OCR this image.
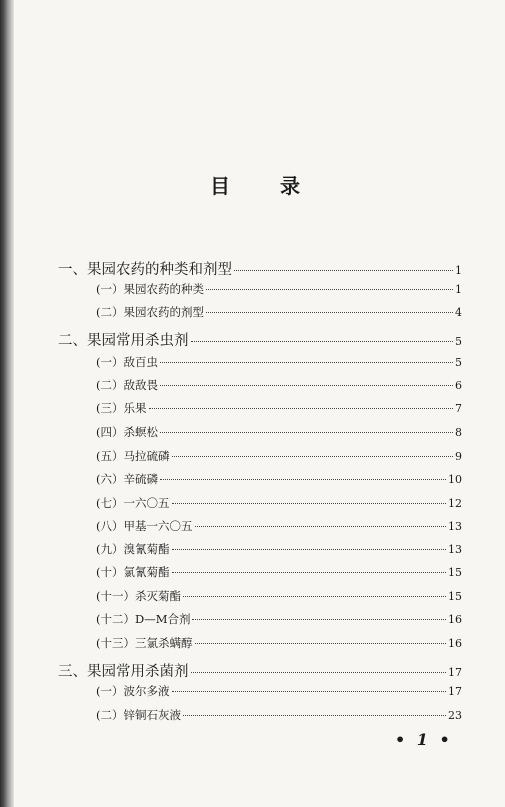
目	录
一、果园农药的种类和剂型	1
(一）果园农药的种类	1
(二）果园农药的剂型	4
二、果园常用杀虫剂	5
(一）敌百虫	5
(二）敌敌畏	6
(三）乐果	7
(四）杀螟松	8
(五）马拉硫磷	9
(六）辛硫磷	10
(七）一六〇五	12
(八）甲基一六〇五	13
(九）溴氰菊酯	13
(十）氯氰菊酯	15
(十一）杀灭菊酯	15
(十二）D—M合剂	16
(十三）三氯杀螨醇	16
三、果园常用杀菌剂	17
(一）波尔多液	17
(二）锌铜石灰液	23
• 1 •
